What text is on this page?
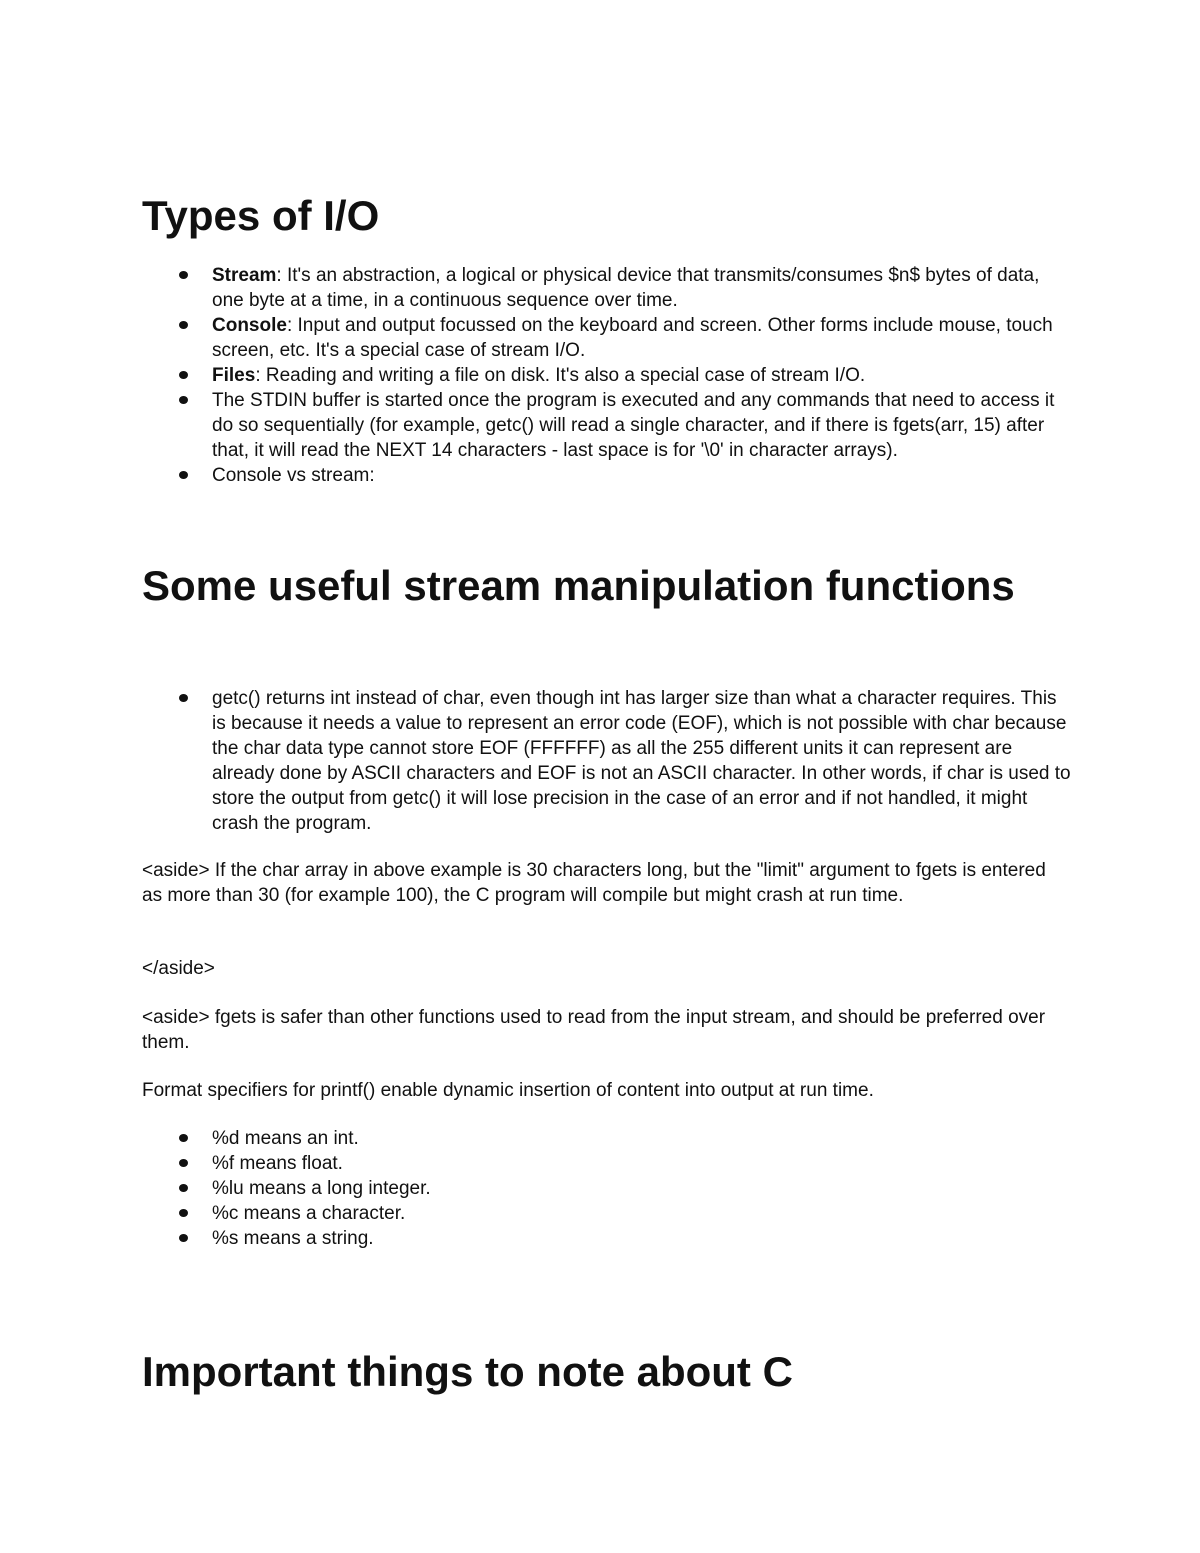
Types of I/O
Stream: It's an abstraction, a logical or physical device that transmits/consumes $n$ bytes of data, one byte at a time, in a continuous sequence over time.
Console: Input and output focussed on the keyboard and screen. Other forms include mouse, touch screen, etc. It's a special case of stream I/O.
Files: Reading and writing a file on disk. It's also a special case of stream I/O.
The STDIN buffer is started once the program is executed and any commands that need to access it do so sequentially (for example, getc() will read a single character, and if there is fgets(arr, 15) after that, it will read the NEXT 14 characters - last space is for '\0' in character arrays).
Console vs stream:
Some useful stream manipulation functions
getc() returns int instead of char, even though int has larger size than what a character requires. This is because it needs a value to represent an error code (EOF), which is not possible with char because the char data type cannot store EOF (FFFFFF) as all the 255 different units it can represent are already done by ASCII characters and EOF is not an ASCII character. In other words, if char is used to store the output from getc() it will lose precision in the case of an error and if not handled, it might crash the program.

<aside> If the char array in above example is 30 characters long, but the "limit" argument to fgets is entered as more than 30 (for example 100), the C program will compile but might crash at run time.

</aside>

<aside> fgets is safer than other functions used to read from the input stream, and should be preferred over them.

Format specifiers for printf() enable dynamic insertion of content into output at run time.

%d means an int.
%f means float.
%lu means a long integer.
%c means a character.
%s means a string.
Important things to note about C
